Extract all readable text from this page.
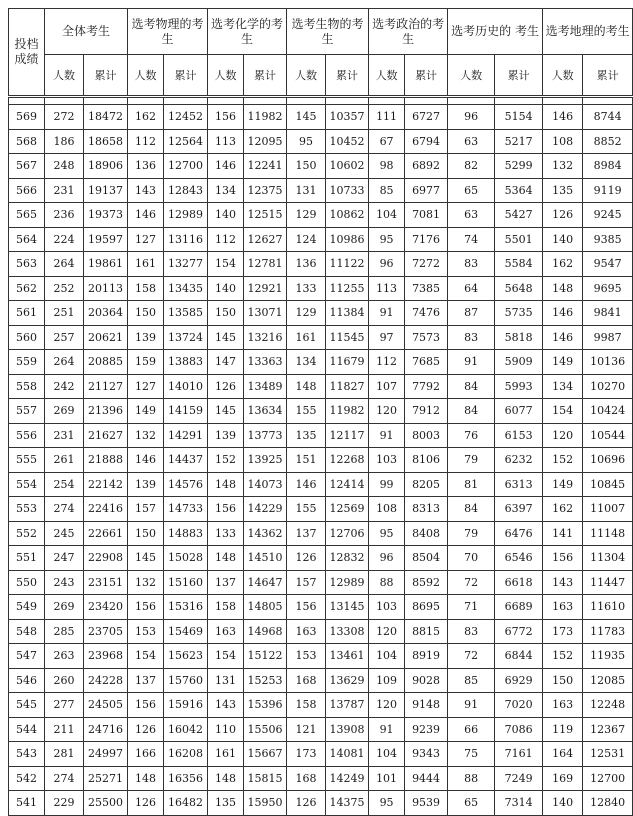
投档成绩	全体考生		选考物理的考生		选考化学的考生		选考生物的考生		选考政治的考生		选考历史的 考生		选考地理的考生	
	人数	累计	人数	累计	人数	累计	人数	累计	人数	累计	人数	累计	人数	累计

569	272	18472	162	12452	156	11982	145	10357	111	6727	96	5154	146	8744
568	186	18658	112	12564	113	12095	95	10452	67	6794	63	5217	108	8852
567	248	18906	136	12700	146	12241	150	10602	98	6892	82	5299	132	8984
566	231	19137	143	12843	134	12375	131	10733	85	6977	65	5364	135	9119
565	236	19373	146	12989	140	12515	129	10862	104	7081	63	5427	126	9245
564	224	19597	127	13116	112	12627	124	10986	95	7176	74	5501	140	9385
563	264	19861	161	13277	154	12781	136	11122	96	7272	83	5584	162	9547
562	252	20113	158	13435	140	12921	133	11255	113	7385	64	5648	148	9695
561	251	20364	150	13585	150	13071	129	11384	91	7476	87	5735	146	9841
560	257	20621	139	13724	145	13216	161	11545	97	7573	83	5818	146	9987
559	264	20885	159	13883	147	13363	134	11679	112	7685	91	5909	149	10136
558	242	21127	127	14010	126	13489	148	11827	107	7792	84	5993	134	10270
557	269	21396	149	14159	145	13634	155	11982	120	7912	84	6077	154	10424
556	231	21627	132	14291	139	13773	135	12117	91	8003	76	6153	120	10544
555	261	21888	146	14437	152	13925	151	12268	103	8106	79	6232	152	10696
554	254	22142	139	14576	148	14073	146	12414	99	8205	81	6313	149	10845
553	274	22416	157	14733	156	14229	155	12569	108	8313	84	6397	162	11007
552	245	22661	150	14883	133	14362	137	12706	95	8408	79	6476	141	11148
551	247	22908	145	15028	148	14510	126	12832	96	8504	70	6546	156	11304
550	243	23151	132	15160	137	14647	157	12989	88	8592	72	6618	143	11447
549	269	23420	156	15316	158	14805	156	13145	103	8695	71	6689	163	11610
548	285	23705	153	15469	163	14968	163	13308	120	8815	83	6772	173	11783
547	263	23968	154	15623	154	15122	153	13461	104	8919	72	6844	152	11935
546	260	24228	137	15760	131	15253	168	13629	109	9028	85	6929	150	12085
545	277	24505	156	15916	143	15396	158	13787	120	9148	91	7020	163	12248
544	211	24716	126	16042	110	15506	121	13908	91	9239	66	7086	119	12367
543	281	24997	166	16208	161	15667	173	14081	104	9343	75	7161	164	12531
542	274	25271	148	16356	148	15815	168	14249	101	9444	88	7249	169	12700
541	229	25500	126	16482	135	15950	126	14375	95	9539	65	7314	140	12840
